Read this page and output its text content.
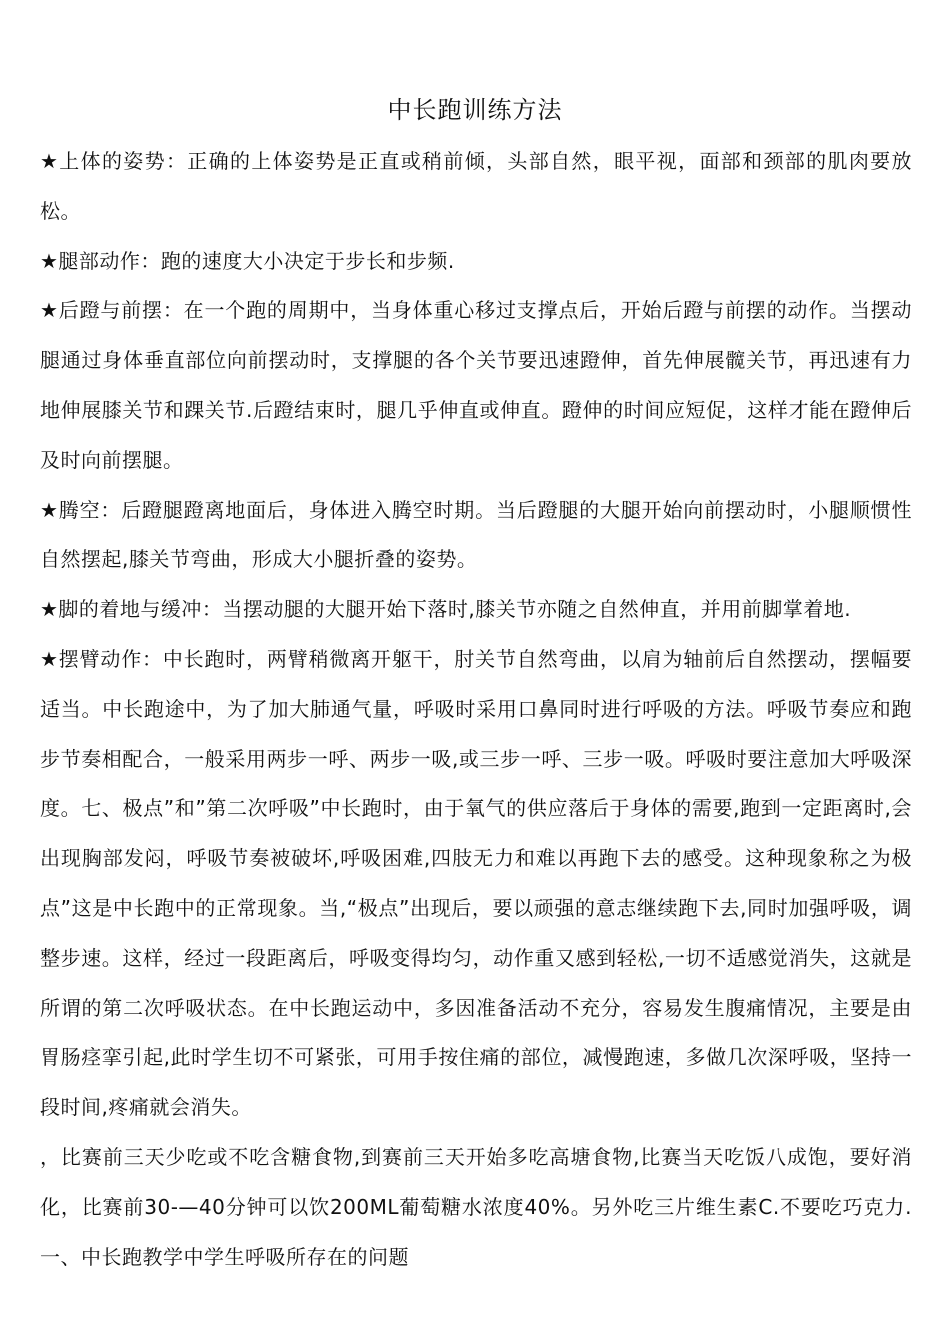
中长跑训练方法

★上体的姿势：正确的上体姿势是正直或稍前倾，头部自然，眼平视，面部和颈部的肌肉要放松。

★腿部动作：跑的速度大小决定于步长和步频.

★后蹬与前摆：在一个跑的周期中，当身体重心移过支撑点后，开始后蹬与前摆的动作。当摆动腿通过身体垂直部位向前摆动时，支撑腿的各个关节要迅速蹬伸，首先伸展髋关节，再迅速有力地伸展膝关节和踝关节.后蹬结束时，腿几乎伸直或伸直。蹬伸的时间应短促，这样才能在蹬伸后及时向前摆腿。

★腾空：后蹬腿蹬离地面后，身体进入腾空时期。当后蹬腿的大腿开始向前摆动时，小腿顺惯性自然摆起,膝关节弯曲，形成大小腿折叠的姿势。

★脚的着地与缓冲：当摆动腿的大腿开始下落时,膝关节亦随之自然伸直，并用前脚掌着地.

★摆臂动作：中长跑时，两臂稍微离开躯干，肘关节自然弯曲，以肩为轴前后自然摆动，摆幅要适当。中长跑途中，为了加大肺通气量，呼吸时采用口鼻同时进行呼吸的方法。呼吸节奏应和跑步节奏相配合，一般采用两步一呼、两步一吸,或三步一呼、三步一吸。呼吸时要注意加大呼吸深度。七、极点”和”第二次呼吸”中长跑时，由于氧气的供应落后于身体的需要,跑到一定距离时,会出现胸部发闷，呼吸节奏被破坏,呼吸困难,四肢无力和难以再跑下去的感受。这种现象称之为极点”这是中长跑中的正常现象。当,“极点”出现后，要以顽强的意志继续跑下去,同时加强呼吸，调整步速。这样，经过一段距离后，呼吸变得均匀，动作重又感到轻松,一切不适感觉消失，这就是所谓的第二次呼吸状态。在中长跑运动中，多因准备活动不充分，容易发生腹痛情况，主要是由胃肠痉挛引起,此时学生切不可紧张，可用手按住痛的部位，减慢跑速，多做几次深呼吸，坚持一段时间,疼痛就会消失。

，比赛前三天少吃或不吃含糖食物,到赛前三天开始多吃高塘食物,比赛当天吃饭八成饱，要好消化，比赛前30-—40分钟可以饮200ML葡萄糖水浓度40%。另外吃三片维生素C.不要吃巧克力.一、中长跑教学中学生呼吸所存在的问题
